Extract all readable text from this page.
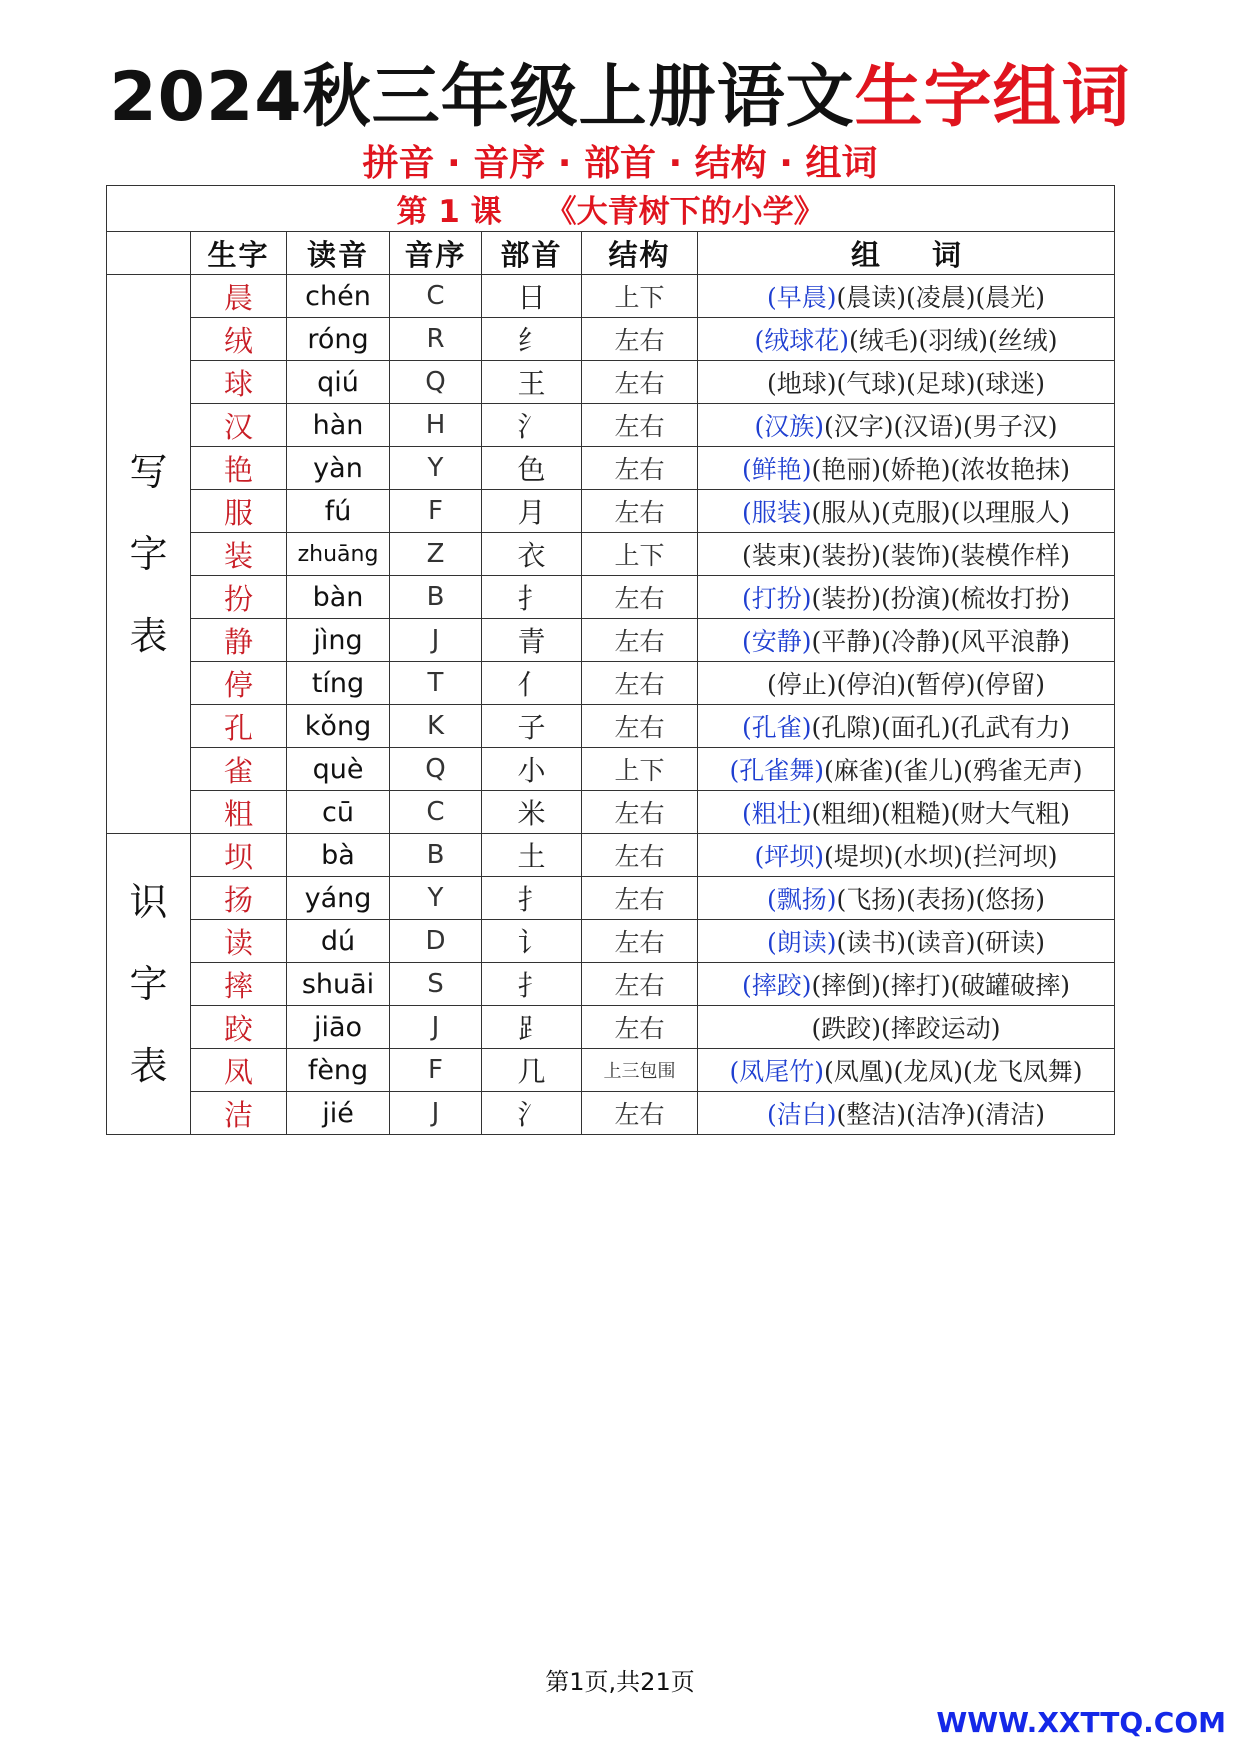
2024秋三年级上册语文生字组词
拼音 · 音序 · 部首 · 结构 · 组词
第 1 课 《大青树下的小学》						
	生字	读音	音序	部首	结构	组 词

写
字
表	晨	chén	C	日	上下	(早晨)(晨读)(凌晨)(晨光)
	绒	róng	R	纟	左右	(绒球花)(绒毛)(羽绒)(丝绒)
	球	qiú	Q	王	左右	(地球)(气球)(足球)(球迷)
	汉	hàn	H	氵	左右	(汉族)(汉字)(汉语)(男子汉)
	艳	yàn	Y	色	左右	(鲜艳)(艳丽)(娇艳)(浓妆艳抹)
	服	fú	F	月	左右	(服装)(服从)(克服)(以理服人)
	装	zhuāng	Z	衣	上下	(装束)(装扮)(装饰)(装模作样)
	扮	bàn	B	扌	左右	(打扮)(装扮)(扮演)(梳妆打扮)
	静	jìng	J	青	左右	(安静)(平静)(冷静)(风平浪静)
	停	tíng	T	亻	左右	(停止)(停泊)(暂停)(停留)
	孔	kǒng	K	子	左右	(孔雀)(孔隙)(面孔)(孔武有力)
	雀	què	Q	小	上下	(孔雀舞)(麻雀)(雀儿)(鸦雀无声)
	粗	cū	C	米	左右	(粗壮)(粗细)(粗糙)(财大气粗)

识
字
表	坝	bà	B	土	左右	(坪坝)(堤坝)(水坝)(拦河坝)
	扬	yáng	Y	扌	左右	(飘扬)(飞扬)(表扬)(悠扬)
	读	dú	D	讠	左右	(朗读)(读书)(读音)(研读)
	摔	shuāi	S	扌	左右	(摔跤)(摔倒)(摔打)(破罐破摔)
	跤	jiāo	J	⻊	左右	(跌跤)(摔跤运动)
	凤	fèng	F	几	上三包围	(凤尾竹)(凤凰)(龙凤)(龙飞凤舞)
	洁	jié	J	氵	左右	(洁白)(整洁)(洁净)(清洁)
第1页,共21页
WWW.XXTTQ.COM
